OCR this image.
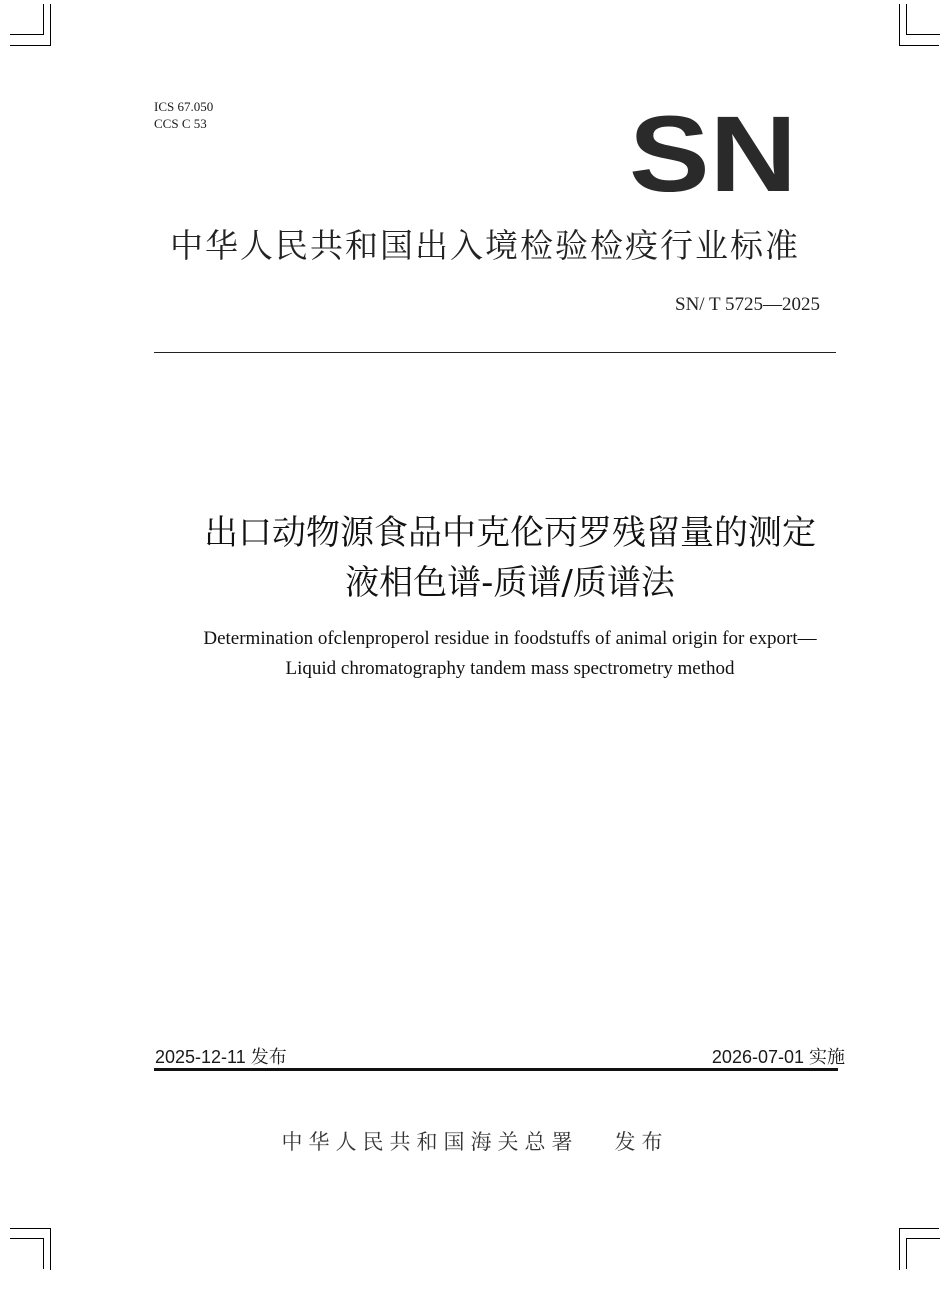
ICS 67.050
CCS C 53	SN
中华人民共和国出入境检验检疫行业标准
SN/ T 5725—2025
出口动物源食品中克伦丙罗残留量的测定
液相色谱-质谱/质谱法
Determination ofclenproperol residue in foodstuffs of animal origin for export—
Liquid chromatography tandem mass spectrometry method
2025-12-11 发布	2026-07-01 实施
中华人民共和国海关总署 发布
